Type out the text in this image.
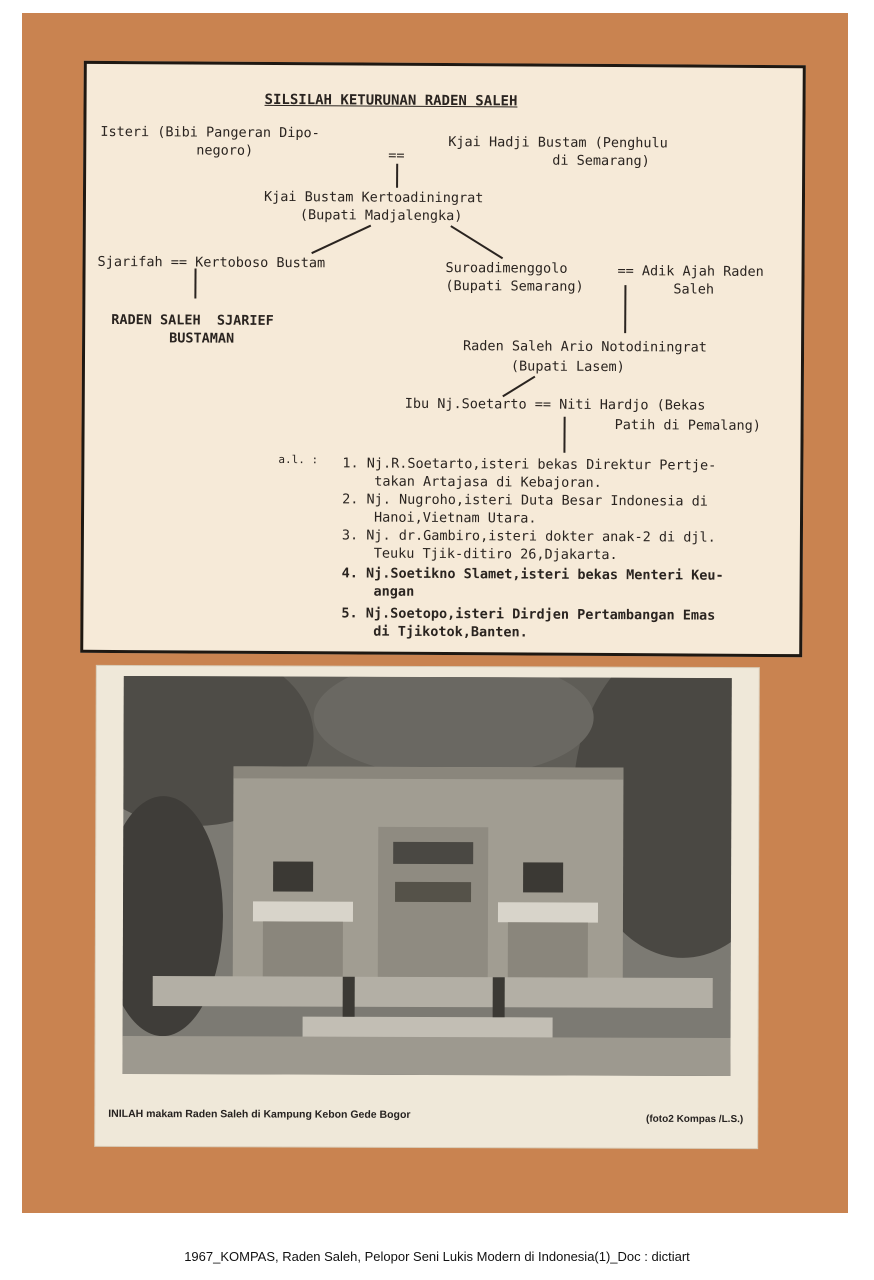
SILSILAH KETURUNAN RADEN SALEH
Isteri (Bibi Pangeran Dipo-
negoro)	==
Kjai Hadji Bustam (Penghulu
di Semarang)
Kjai Bustam Kertoadiningrat
(Bupati Madjalengka)
Sjarifah == Kertoboso Bustam	Suroadimenggolo
(Bupati Semarang)
== Adik Ajah Raden
Saleh
RADEN SALEH  SJARIEF
BUSTAMAN	Raden Saleh Ario Notodiningrat
(Bupati Lasem)
Ibu Nj.Soetarto == Niti Hardjo (Bekas
Patih di Pemalang)
a.l. : 1. Nj.R.Soetarto,isteri bekas Direktur Pertje-
takan Artajasa di Kebajoran.
2. Nj. Nugroho,isteri Duta Besar Indonesia di
Hanoi,Vietnam Utara.
3. Nj. dr.Gambiro,isteri dokter anak-2 di djl.
Teuku Tjik-ditiro 26,Djakarta.
4. Nj.Soetikno Slamet,isteri bekas Menteri Keu-
angan
5. Nj.Soetopo,isteri Dirdjen Pertambangan Emas
di Tjikotok,Banten.
INILAH makam Raden Saleh di Kampung Kebon Gede Bogor	(foto2 Kompas /L.S.)
1967_KOMPAS, Raden Saleh, Pelopor Seni Lukis Modern di Indonesia(1)_Doc : dictiart
